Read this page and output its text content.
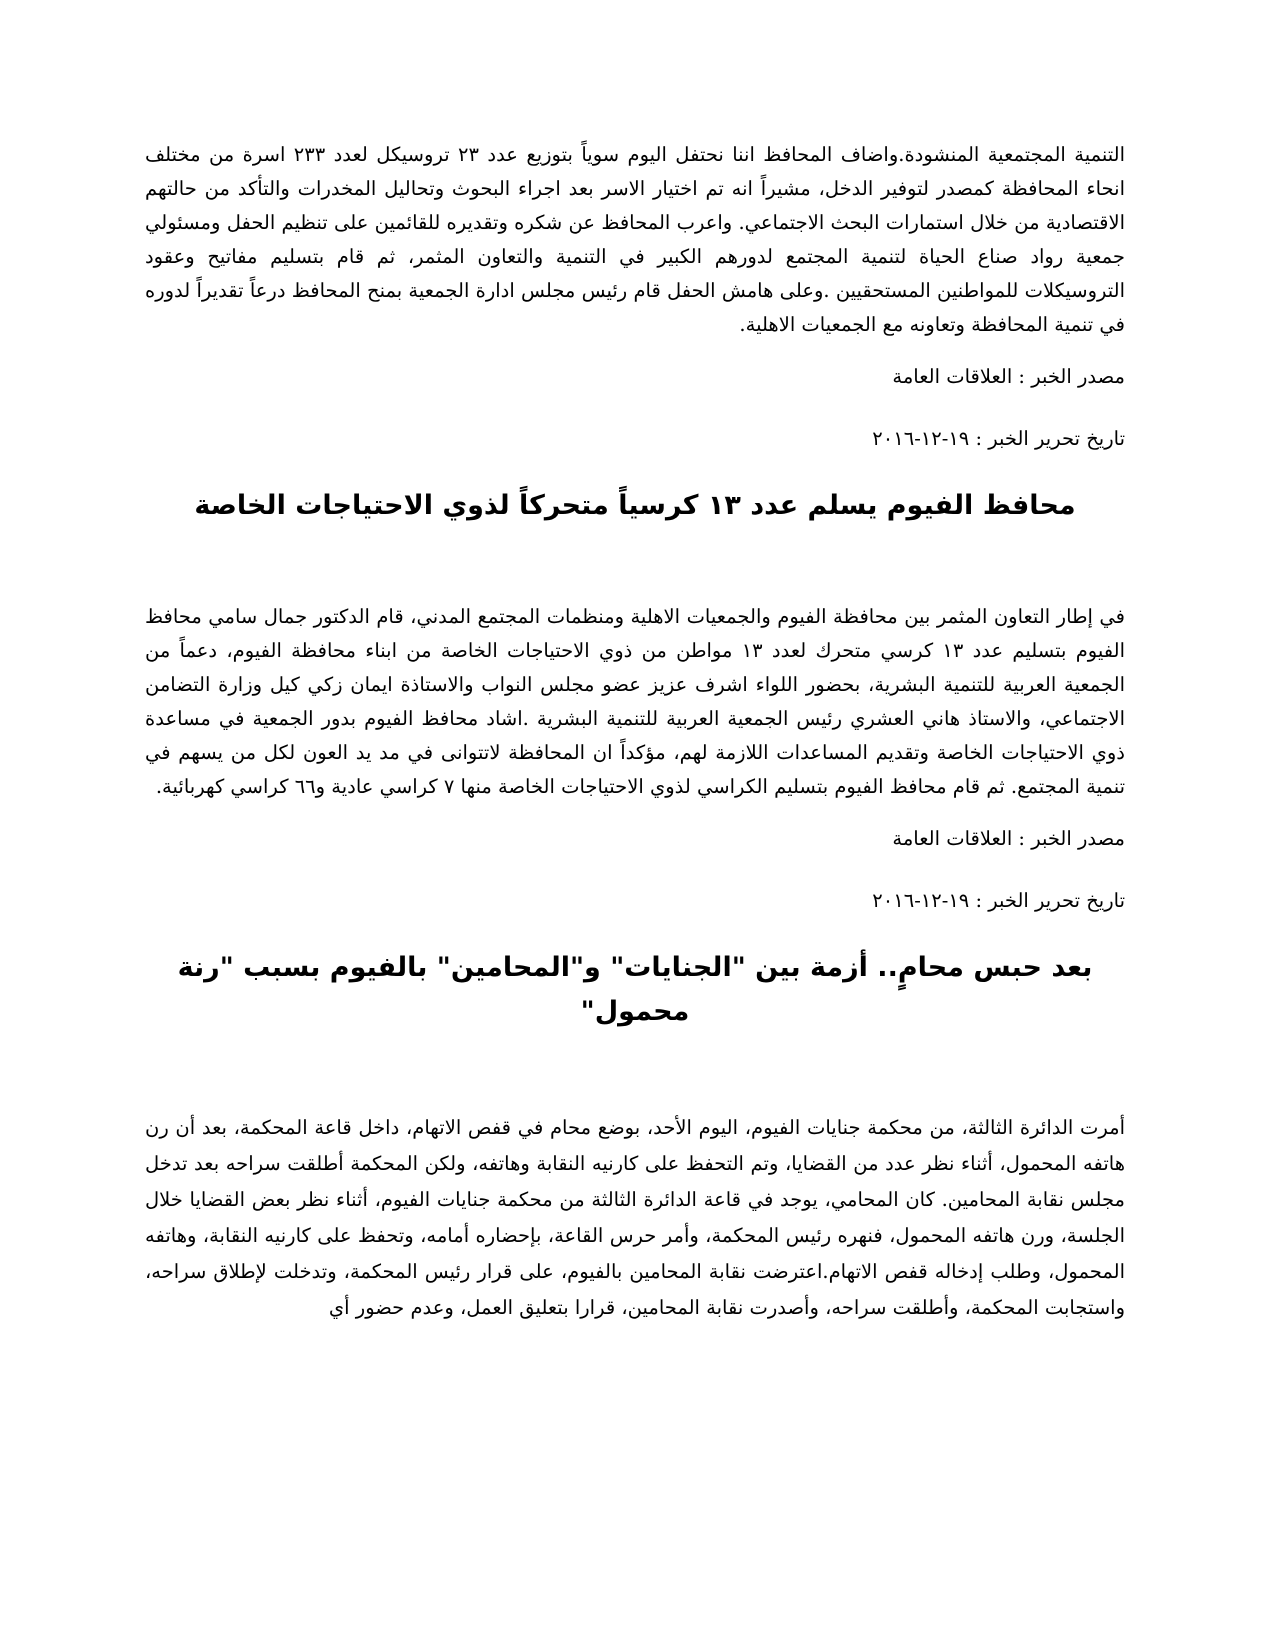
التنمية المجتمعية المنشودة.واضاف المحافظ اننا نحتفل اليوم سوياً بتوزيع عدد ٢٣ تروسيكل لعدد ٢٣٣ اسرة من مختلف انحاء المحافظة كمصدر لتوفير الدخل، مشيراً انه تم اختيار الاسر بعد اجراء البحوث وتحاليل المخدرات والتأكد من حالتهم الاقتصادية من خلال استمارات البحث الاجتماعي. واعرب المحافظ عن شكره وتقديره للقائمين على تنظيم الحفل ومسئولي جمعية رواد صناع الحياة لتنمية المجتمع لدورهم الكبير في التنمية والتعاون المثمر، ثم قام بتسليم مفاتيح وعقود التروسيكلات للمواطنين المستحقيين .وعلى هامش الحفل قام رئيس مجلس ادارة الجمعية بمنح المحافظ درعاً تقديراً لدوره في تنمية المحافظة وتعاونه مع الجمعيات الاهلية.

مصدر الخبر : العلاقات العامة

تاريخ تحرير الخبر : ١٩-١٢-٢٠١٦

محافظ الفيوم يسلم عدد ١٣ كرسياً متحركاً لذوي الاحتياجات الخاصة

في إطار التعاون المثمر بين محافظة الفيوم والجمعيات الاهلية ومنظمات المجتمع المدني، قام الدكتور جمال سامي محافظ الفيوم بتسليم عدد ١٣ كرسي متحرك لعدد ١٣ مواطن من ذوي الاحتياجات الخاصة من ابناء محافظة الفيوم، دعماً من الجمعية العربية للتنمية البشرية، بحضور اللواء اشرف عزيز عضو مجلس النواب والاستاذة ايمان زكي كيل وزارة التضامن الاجتماعي، والاستاذ هاني العشري رئيس الجمعية العربية للتنمية البشرية .اشاد محافظ الفيوم بدور الجمعية في مساعدة ذوي الاحتياجات الخاصة وتقديم المساعدات اللازمة لهم، مؤكداً ان المحافظة لاتتوانى في مد يد العون لكل من يسهم في تنمية المجتمع. ثم قام محافظ الفيوم بتسليم الكراسي لذوي الاحتياجات الخاصة منها ٧ كراسي عادية و٦٦ كراسي كهربائية.

مصدر الخبر : العلاقات العامة

تاريخ تحرير الخبر : ١٩-١٢-٢٠١٦

بعد حبس محامٍ.. أزمة بين "الجنايات" و"المحامين" بالفيوم بسبب "رنة محمول"

أمرت الدائرة الثالثة، من محكمة جنايات الفيوم، اليوم الأحد، بوضع محام في قفص الاتهام، داخل قاعة المحكمة، بعد أن رن هاتفه المحمول، أثناء نظر عدد من القضايا، وتم التحفظ على كارنيه النقابة وهاتفه، ولكن المحكمة أطلقت سراحه بعد تدخل مجلس نقابة المحامين. كان المحامي، يوجد في قاعة الدائرة الثالثة من محكمة جنايات الفيوم، أثناء نظر بعض القضايا خلال الجلسة، ورن هاتفه المحمول، فنهره رئيس المحكمة، وأمر حرس القاعة، بإحضاره أمامه، وتحفظ على كارنيه النقابة، وهاتفه المحمول، وطلب إدخاله قفص الاتهام.اعترضت نقابة المحامين بالفيوم، على قرار رئيس المحكمة، وتدخلت لإطلاق سراحه، واستجابت المحكمة، وأطلقت سراحه، وأصدرت نقابة المحامين، قرارا بتعليق العمل، وعدم حضور أي
